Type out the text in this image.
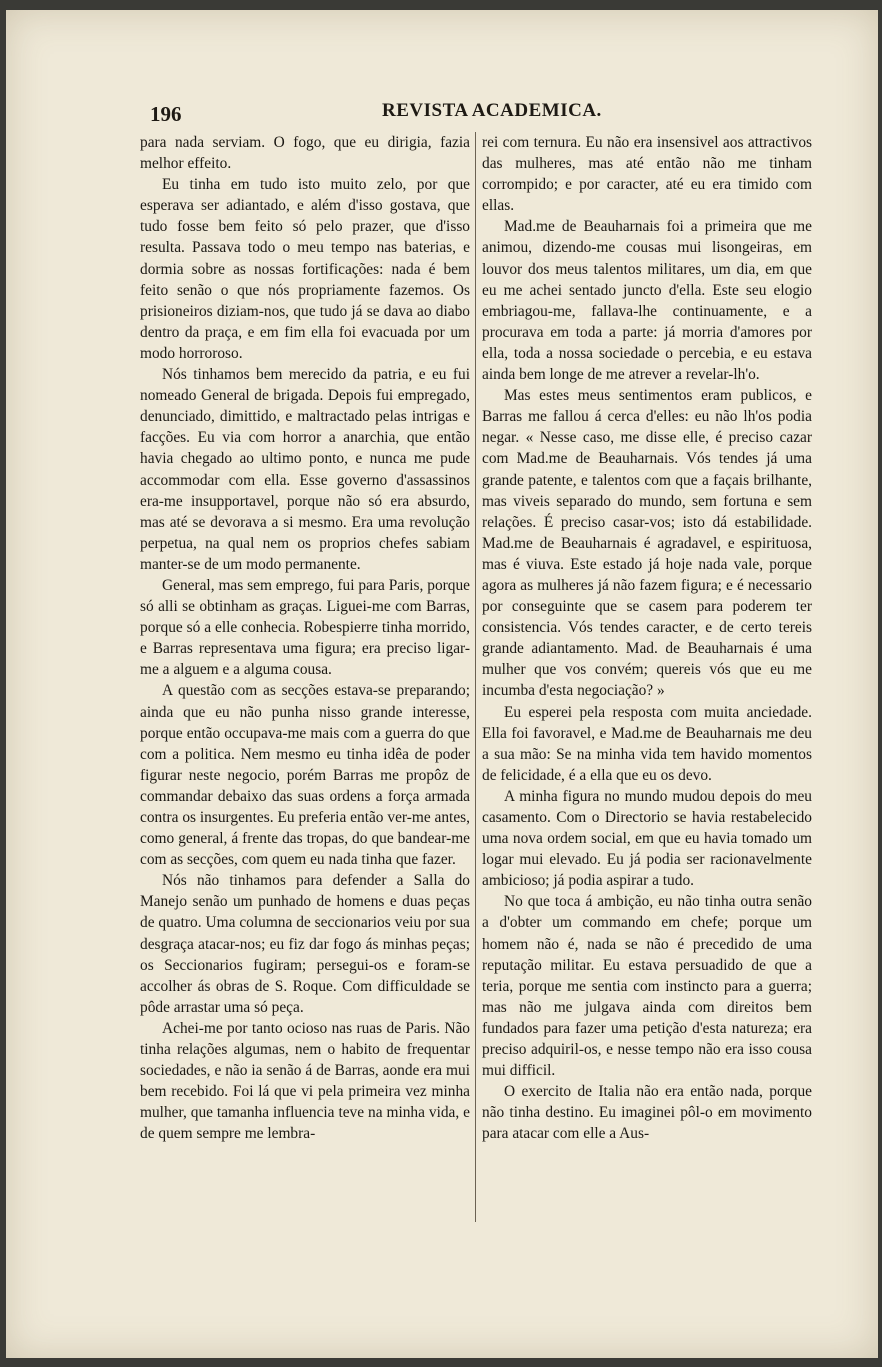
196	REVISTA ACADEMICA.

para nada serviam. O fogo, que eu dirigia, fazia melhor effeito.

Eu tinha em tudo isto muito zelo, por que esperava ser adiantado, e além d'isso gostava, que tudo fosse bem feito só pelo prazer, que d'isso resulta. Passava todo o meu tempo nas baterias, e dormia sobre as nossas fortificações: nada é bem feito senão o que nós propriamente fazemos. Os prisioneiros diziam-nos, que tudo já se dava ao diabo dentro da praça, e em fim ella foi evacuada por um modo horroroso.

Nós tinhamos bem merecido da patria, e eu fui nomeado General de brigada. Depois fui empregado, denunciado, dimittido, e maltractado pelas intrigas e facções. Eu via com horror a anarchia, que então havia chegado ao ultimo ponto, e nunca me pude accommodar com ella. Esse governo d'assassinos era-me insupportavel, porque não só era absurdo, mas até se devorava a si mesmo. Era uma revolução perpetua, na qual nem os proprios chefes sabiam manter-se de um modo permanente.

General, mas sem emprego, fui para Paris, porque só alli se obtinham as graças. Liguei-me com Barras, porque só a elle conhecia. Robespierre tinha morrido, e Barras representava uma figura; era preciso ligar-me a alguem e a alguma cousa.

A questão com as secções estava-se preparando; ainda que eu não punha nisso grande interesse, porque então occupava-me mais com a guerra do que com a politica. Nem mesmo eu tinha idêa de poder figurar neste negocio, porém Barras me propôz de commandar debaixo das suas ordens a força armada contra os insurgentes. Eu preferia então ver-me antes, como general, á frente das tropas, do que bandear-me com as secções, com quem eu nada tinha que fazer.

Nós não tinhamos para defender a Salla do Manejo senão um punhado de homens e duas peças de quatro. Uma columna de seccionarios veiu por sua desgraça atacar-nos; eu fiz dar fogo ás minhas peças; os Seccionarios fugiram; persegui-os e foram-se accolher ás obras de S. Roque. Com difficuldade se pôde arrastar uma só peça.

Achei-me por tanto ocioso nas ruas de Paris. Não tinha relações algumas, nem o habito de frequentar sociedades, e não ia senão á de Barras, aonde era mui bem recebido. Foi lá que vi pela primeira vez minha mulher, que tamanha influencia teve na minha vida, e de quem sempre me lembra-

rei com ternura. Eu não era insensivel aos attractivos das mulheres, mas até então não me tinham corrompido; e por caracter, até eu era timido com ellas.

Mad.me de Beauharnais foi a primeira que me animou, dizendo-me cousas mui lisongeiras, em louvor dos meus talentos militares, um dia, em que eu me achei sentado juncto d'ella. Este seu elogio embriagou-me, fallava-lhe continuamente, e a procurava em toda a parte: já morria d'amores por ella, toda a nossa sociedade o percebia, e eu estava ainda bem longe de me atrever a revelar-lh'o.

Mas estes meus sentimentos eram publicos, e Barras me fallou á cerca d'elles: eu não lh'os podia negar. « Nesse caso, me disse elle, é preciso cazar com Mad.me de Beauharnais. Vós tendes já uma grande patente, e talentos com que a façais brilhante, mas viveis separado do mundo, sem fortuna e sem relações. É preciso casar-vos; isto dá estabilidade. Mad.me de Beauharnais é agradavel, e espirituosa, mas é viuva. Este estado já hoje nada vale, porque agora as mulheres já não fazem figura; e é necessario por conseguinte que se casem para poderem ter consistencia. Vós tendes caracter, e de certo tereis grande adiantamento. Mad. de Beauharnais é uma mulher que vos convém; quereis vós que eu me incumba d'esta negociação? »

Eu esperei pela resposta com muita anciedade. Ella foi favoravel, e Mad.me de Beauharnais me deu a sua mão: Se na minha vida tem havido momentos de felicidade, é a ella que eu os devo.

A minha figura no mundo mudou depois do meu casamento. Com o Directorio se havia restabelecido uma nova ordem social, em que eu havia tomado um logar mui elevado. Eu já podia ser racionavelmente ambicioso; já podia aspirar a tudo.

No que toca á ambição, eu não tinha outra senão a d'obter um commando em chefe; porque um homem não é, nada se não é precedido de uma reputação militar. Eu estava persuadido de que a teria, porque me sentia com instincto para a guerra; mas não me julgava ainda com direitos bem fundados para fazer uma petição d'esta natureza; era preciso adquiril-os, e nesse tempo não era isso cousa mui difficil.

O exercito de Italia não era então nada, porque não tinha destino. Eu imaginei pôl-o em movimento para atacar com elle a Aus-
